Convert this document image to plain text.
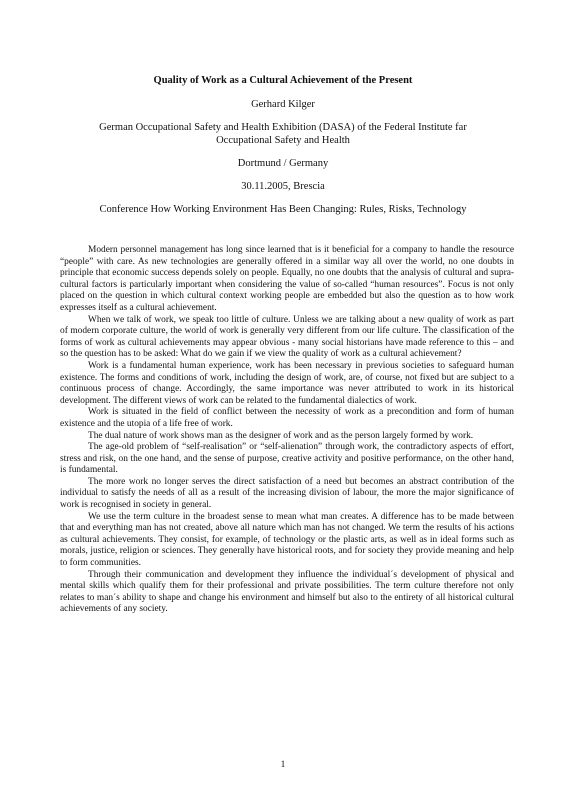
Quality of Work as a Cultural Achievement of the Present

Gerhard Kilger

German Occupational Safety and Health Exhibition (DASA) of the Federal Institute far
Occupational Safety and Health

Dortmund / Germany

30.11.2005, Brescia

Conference How Working Environment Has Been Changing: Rules, Risks, Technology

Modern personnel management has long since learned that is it beneficial for a company to handle the resource “people” with care. As new technologies are generally offered in a similar way all over the world, no one doubts in principle that economic success depends solely on people. Equally, no one doubts that the analysis of cultural and supra-cultural factors is particularly important when considering the value of so-called “human resources”. Focus is not only placed on the question in which cultural context working people are embedded but also the question as to how work expresses itself as a cultural achievement.

When we talk of work, we speak too little of culture. Unless we are talking about a new quality of work as part of modern corporate culture, the world of work is generally very different from our life culture. The classification of the forms of work as cultural achievements may appear obvious - many social historians have made reference to this – and so the question has to be asked: What do we gain if we view the quality of work as a cultural achievement?

Work is a fundamental human experience, work has been necessary in previous societies to safeguard human existence. The forms and conditions of work, including the design of work, are, of course, not fixed but are subject to a continuous process of change. Accordingly, the same importance was never attributed to work in its historical development. The different views of work can be related to the fundamental dialectics of work.

Work is situated in the field of conflict between the necessity of work as a precondition and form of human existence and the utopia of a life free of work.

The dual nature of work shows man as the designer of work and as the person largely formed by work.

The age-old problem of “self-realisation” or “self-alienation” through work, the contradictory aspects of effort, stress and risk, on the one hand, and the sense of purpose, creative activity and positive performance, on the other hand, is fundamental.

The more work no longer serves the direct satisfaction of a need but becomes an abstract contribution of the individual to satisfy the needs of all as a result of the increasing division of labour, the more the major significance of work is recognised in society in general.

We use the term culture in the broadest sense to mean what man creates. A difference has to be made between that and everything man has not created, above all nature which man has not changed. We term the results of his actions as cultural achievements. They consist, for example, of technology or the plastic arts, as well as in ideal forms such as morals, justice, religion or sciences. They generally have historical roots, and for society they provide meaning and help to form communities.

Through their communication and development they influence the individual´s development of physical and mental skills which qualify them for their professional and private possibilities. The term culture therefore not only relates to man´s ability to shape and change his environment and himself but also to the entirety of all historical cultural achievements of any society.

1
